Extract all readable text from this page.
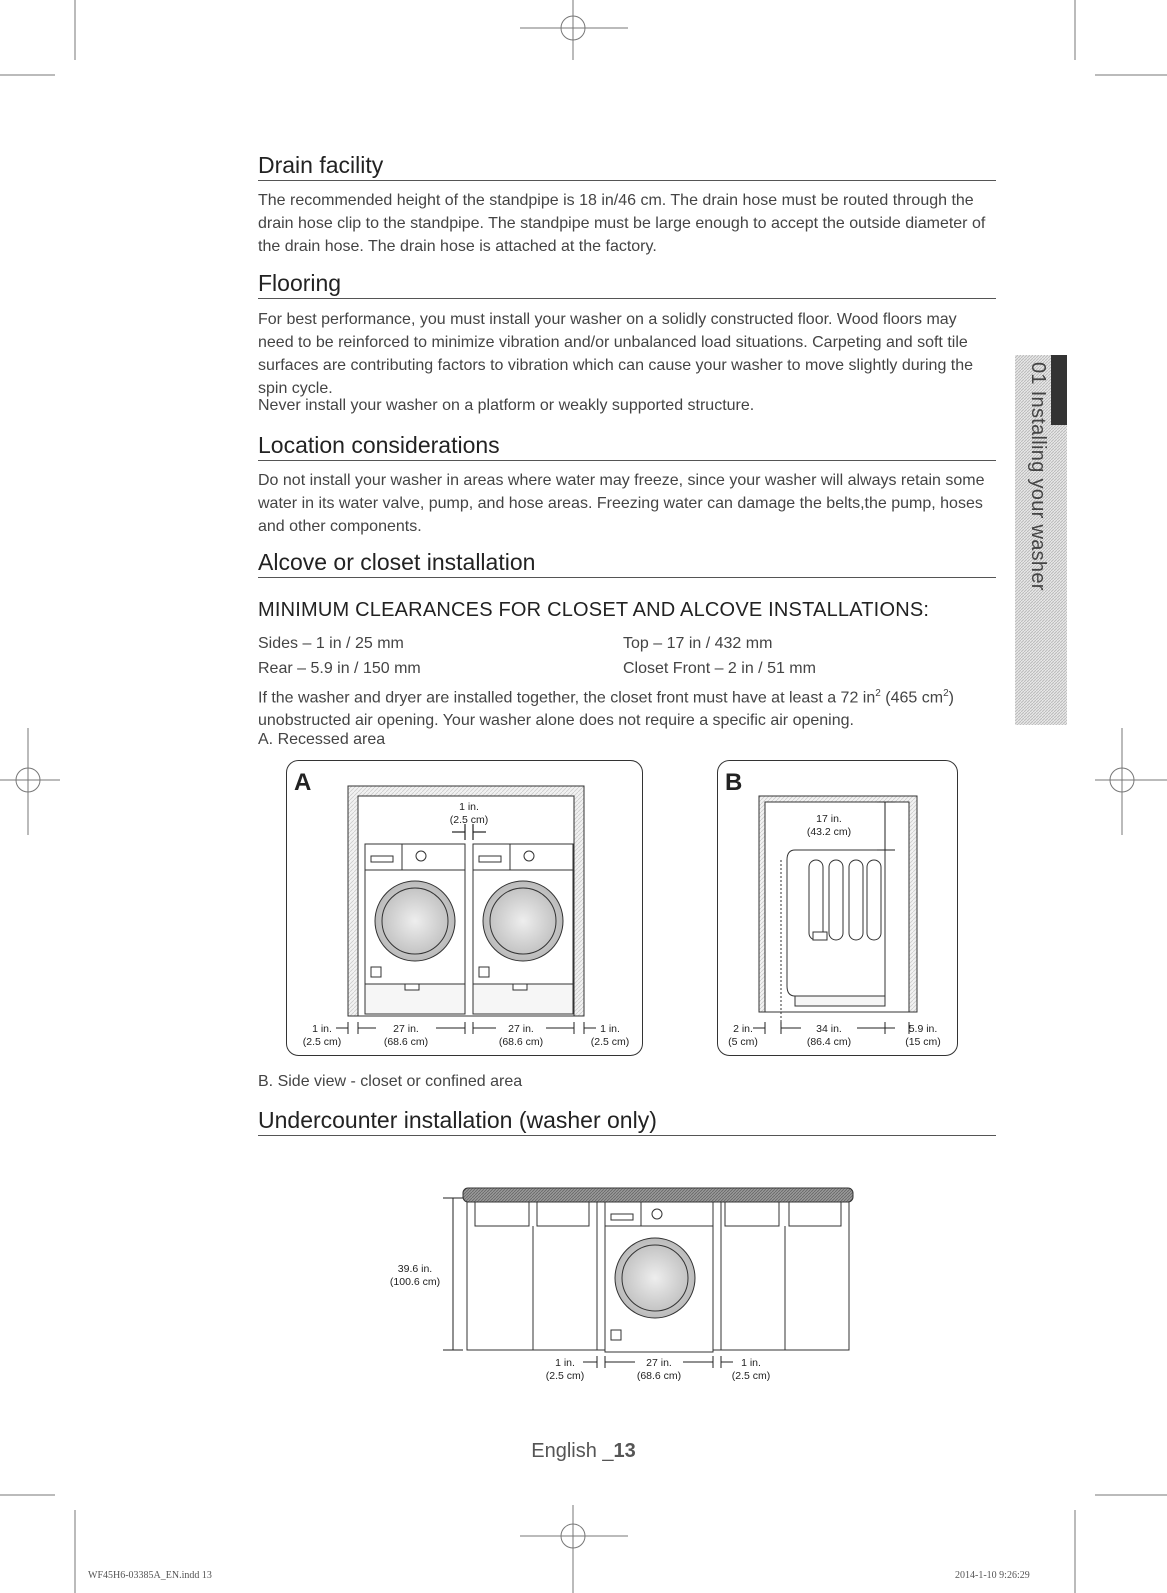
01 Installing your washer
Drain facility

The recommended height of the standpipe is 18 in/46 cm. The drain hose must be routed through the drain hose clip to the standpipe. The standpipe must be large enough to accept the outside diameter of the drain hose. The drain hose is attached at the factory.

Flooring

For best performance, you must install your washer on a solidly constructed floor. Wood floors may need to be reinforced to minimize vibration and/or unbalanced load situations. Carpeting and soft tile surfaces are contributing factors to vibration which can cause your washer to move slightly during the spin cycle.

Never install your washer on a platform or weakly supported structure.

Location considerations

Do not install your washer in areas where water may freeze, since your washer will always retain some water in its water valve, pump, and hose areas. Freezing water can damage the belts,the pump, hoses and other components.

Alcove or closet installation
MINIMUM CLEARANCES FOR CLOSET AND ALCOVE INSTALLATIONS:
Sides – 1 in / 25 mm	Top – 17 in / 432 mm
Rear – 5.9 in / 150 mm	Closet Front – 2 in / 51 mm

If the washer and dryer are installed together, the closet front must have at least a 72 $in^2$ (465 $cm^2$) unobstructed air opening. Your washer alone does not require a specific air opening.

A. Recessed area
A
1 in.
(2.5 cm)
1 in.
(2.5 cm)
27 in.
(68.6 cm)
27 in.
(68.6 cm)
1 in.
(2.5 cm)
B
17 in.
(43.2 cm)
2 in.
(5 cm)
34 in.
(86.4 cm)
5.9 in.
(15 cm)
B. Side view - closet or confined area
Undercounter installation (washer only)
39.6 in.
(100.6 cm)
1 in.
(2.5 cm)
27 in.
(68.6 cm)
1 in.
(2.5 cm)
English _13
WF45H6-03385A_EN.indd 13	2014-1-10 9:26:29
